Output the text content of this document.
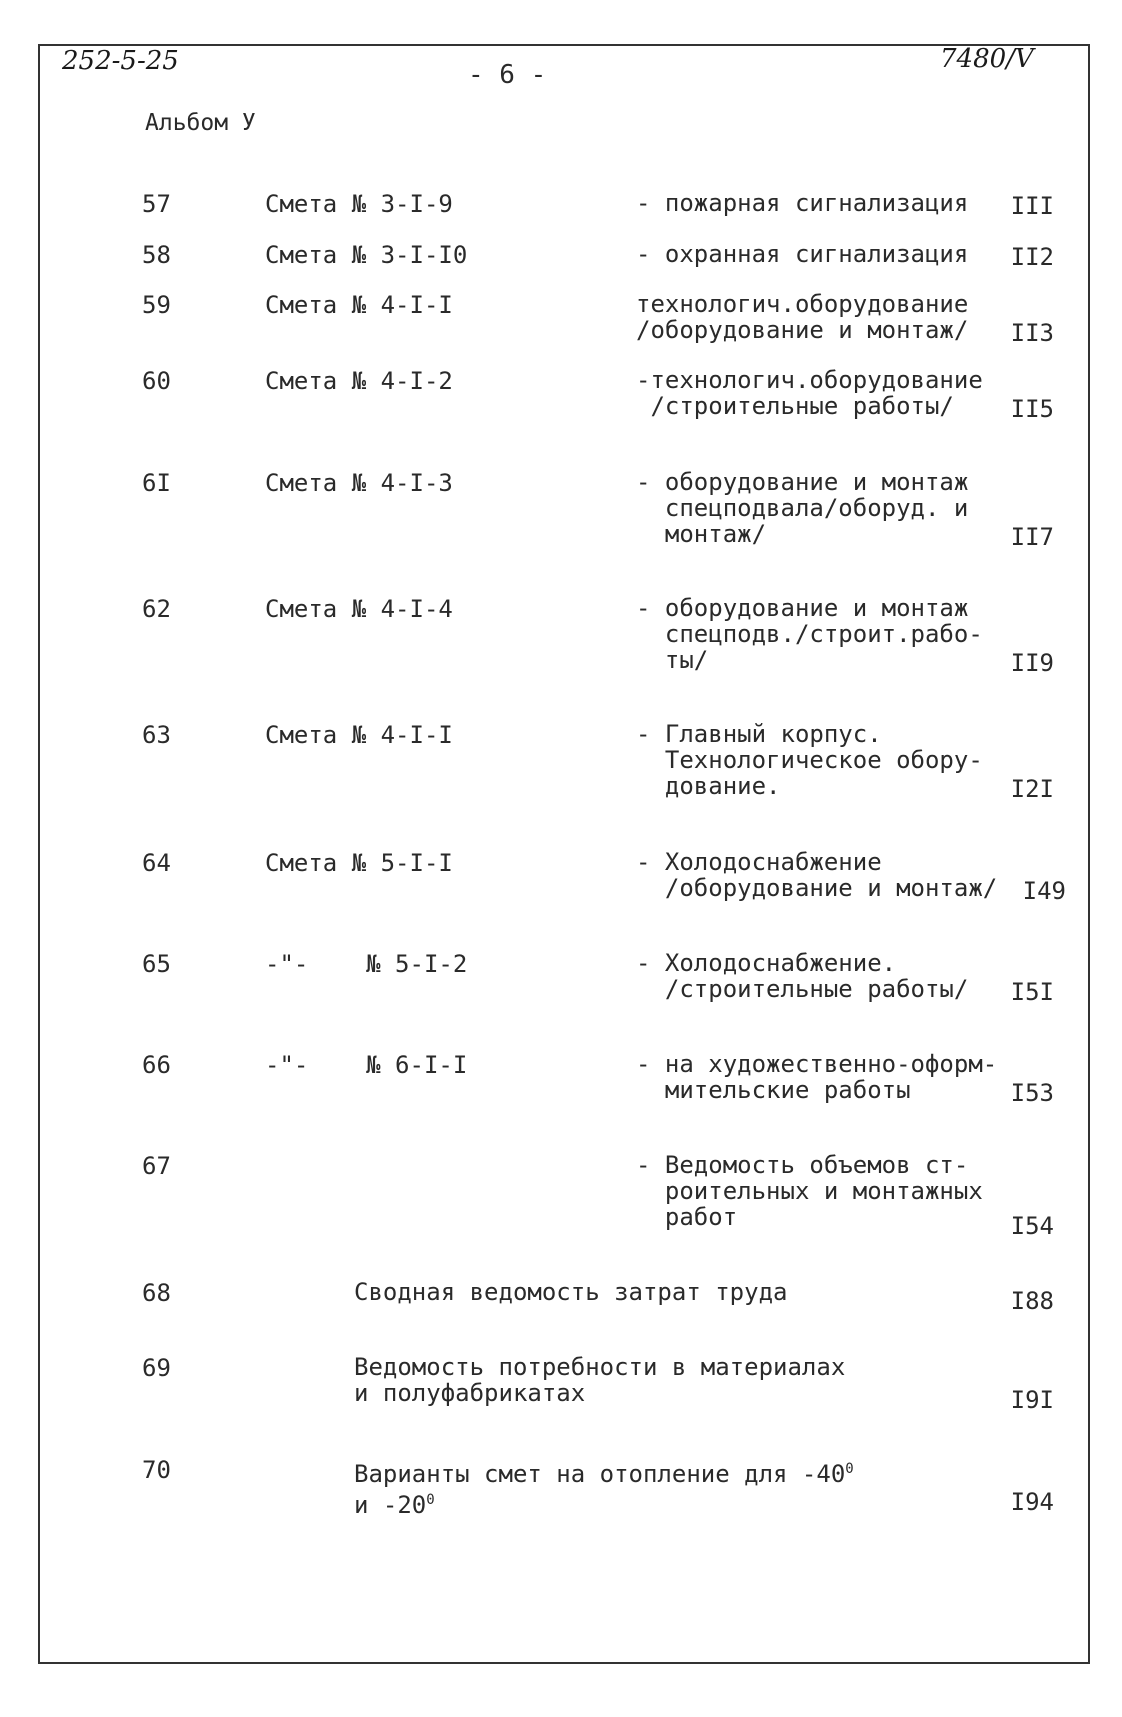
252-5-25	- 6 -
7480/V
Альбом У
57	Смета № 3-I-9	- пожарная сигнализация III
58	Смета № 3-I-I0	- охранная сигнализация II2
59	Смета № 4-I-I	технологич.оборудование
/оборудование и монтаж/ II3
60	Смета № 4-I-2	-технологич.оборудование
/строительные работы/	II5
6I	Смета № 4-I-3	- оборудование и монтаж
спецподвала/оборуд. и
монтаж/	II7
62	Смета № 4-I-4	- оборудование и монтаж
спецподв./строит.рабо-
ты/	II9
63	Смета № 4-I-I	- Главный корпус.
Технологическое обору-
дование.	I2I
64	Смета № 5-I-I	- Холодоснабжение
/оборудование и монтаж/ I49
65	-"-    № 5-I-2	- Холодоснабжение.
/строительные работы/ I5I
66	-"-    № 6-I-I	- на художественно-оформ-
мительские работы	I53
67	- Ведомость объемов ст-
роительных и монтажных
работ	I54
68	Сводная ведомость затрат труда	I88
69	Ведомость потребности в материалах
и полуфабрикатах	I9I
70	Варианты смет на отопление для $-40^0$
и $-20^0$	I94
